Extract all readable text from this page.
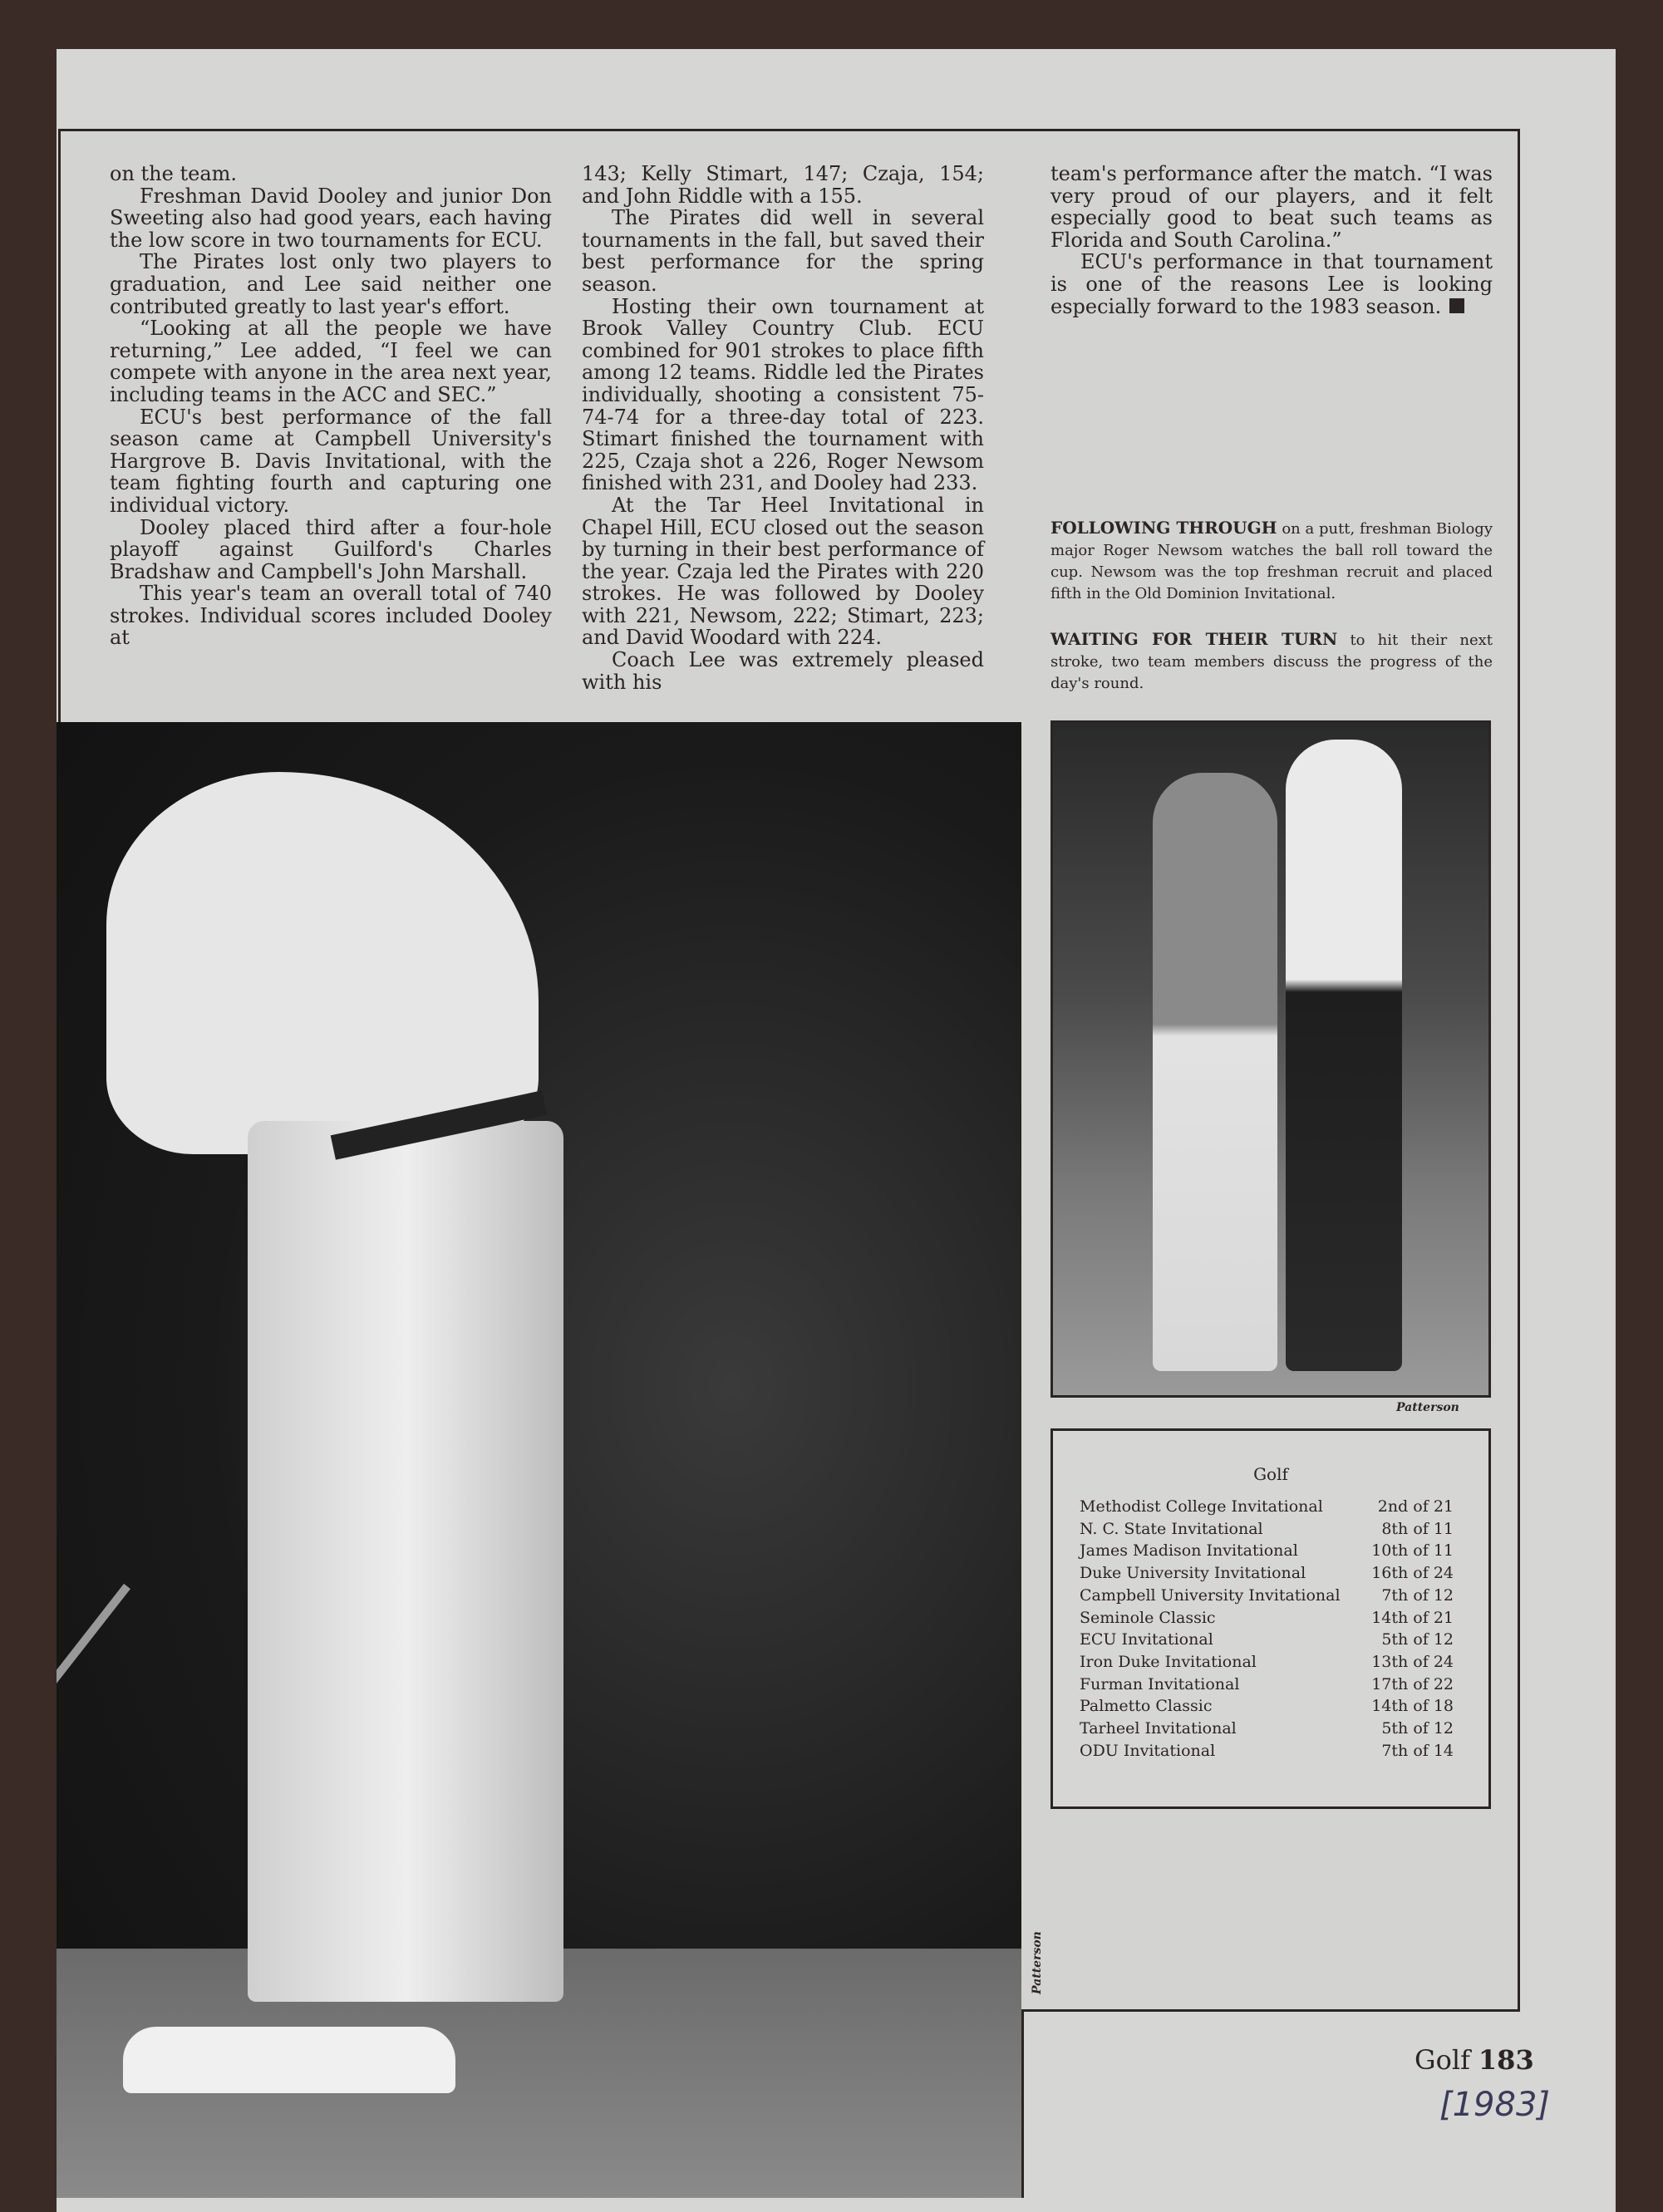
on the team.

Freshman David Dooley and junior Don Sweeting also had good years, each having the low score in two tournaments for ECU.

The Pirates lost only two players to graduation, and Lee said neither one contributed greatly to last year's effort.

“Looking at all the people we have returning,” Lee added, “I feel we can compete with anyone in the area next year, including teams in the ACC and SEC.”

ECU's best performance of the fall season came at Campbell University's Hargrove B. Davis Invitational, with the team fighting fourth and capturing one individual victory.

Dooley placed third after a four-hole playoff against Guilford's Charles Bradshaw and Campbell's John Marshall.

This year's team an overall total of 740 strokes. Individual scores included Dooley at

143; Kelly Stimart, 147; Czaja, 154; and John Riddle with a 155.

The Pirates did well in several tournaments in the fall, but saved their best performance for the spring season.

Hosting their own tournament at Brook Valley Country Club. ECU combined for 901 strokes to place fifth among 12 teams. Riddle led the Pirates individually, shooting a consistent 75-74-74 for a three-day total of 223. Stimart finished the tournament with 225, Czaja shot a 226, Roger Newsom finished with 231, and Dooley had 233.

At the Tar Heel Invitational in Chapel Hill, ECU closed out the season by turning in their best performance of the year. Czaja led the Pirates with 220 strokes. He was followed by Dooley with 221, Newsom, 222; Stimart, 223; and David Woodard with 224.

Coach Lee was extremely pleased with his

team's performance after the match. “I was very proud of our players, and it felt especially good to beat such teams as Florida and South Carolina.”

ECU's performance in that tournament is one of the reasons Lee is looking especially forward to the 1983 season.

FOLLOWING THROUGH on a putt, freshman Biology major Roger Newsom watches the ball roll toward the cup. Newsom was the top freshman recruit and placed fifth in the Old Dominion Invitational.
WAITING FOR THEIR TURN to hit their next stroke, two team members discuss the progress of the day's round.
Patterson
Patterson
Golf
Methodist College Invitational	2nd of 21
N. C. State Invitational	8th of 11
James Madison Invitational	10th of 11
Duke University Invitational	16th of 24
Campbell University Invitational	7th of 12
Seminole Classic	14th of 21
ECU Invitational	5th of 12
Iron Duke Invitational	13th of 24
Furman Invitational	17th of 22
Palmetto Classic	14th of 18
Tarheel Invitational	5th of 12
ODU Invitational	7th of 14
Golf 183
[1983]
